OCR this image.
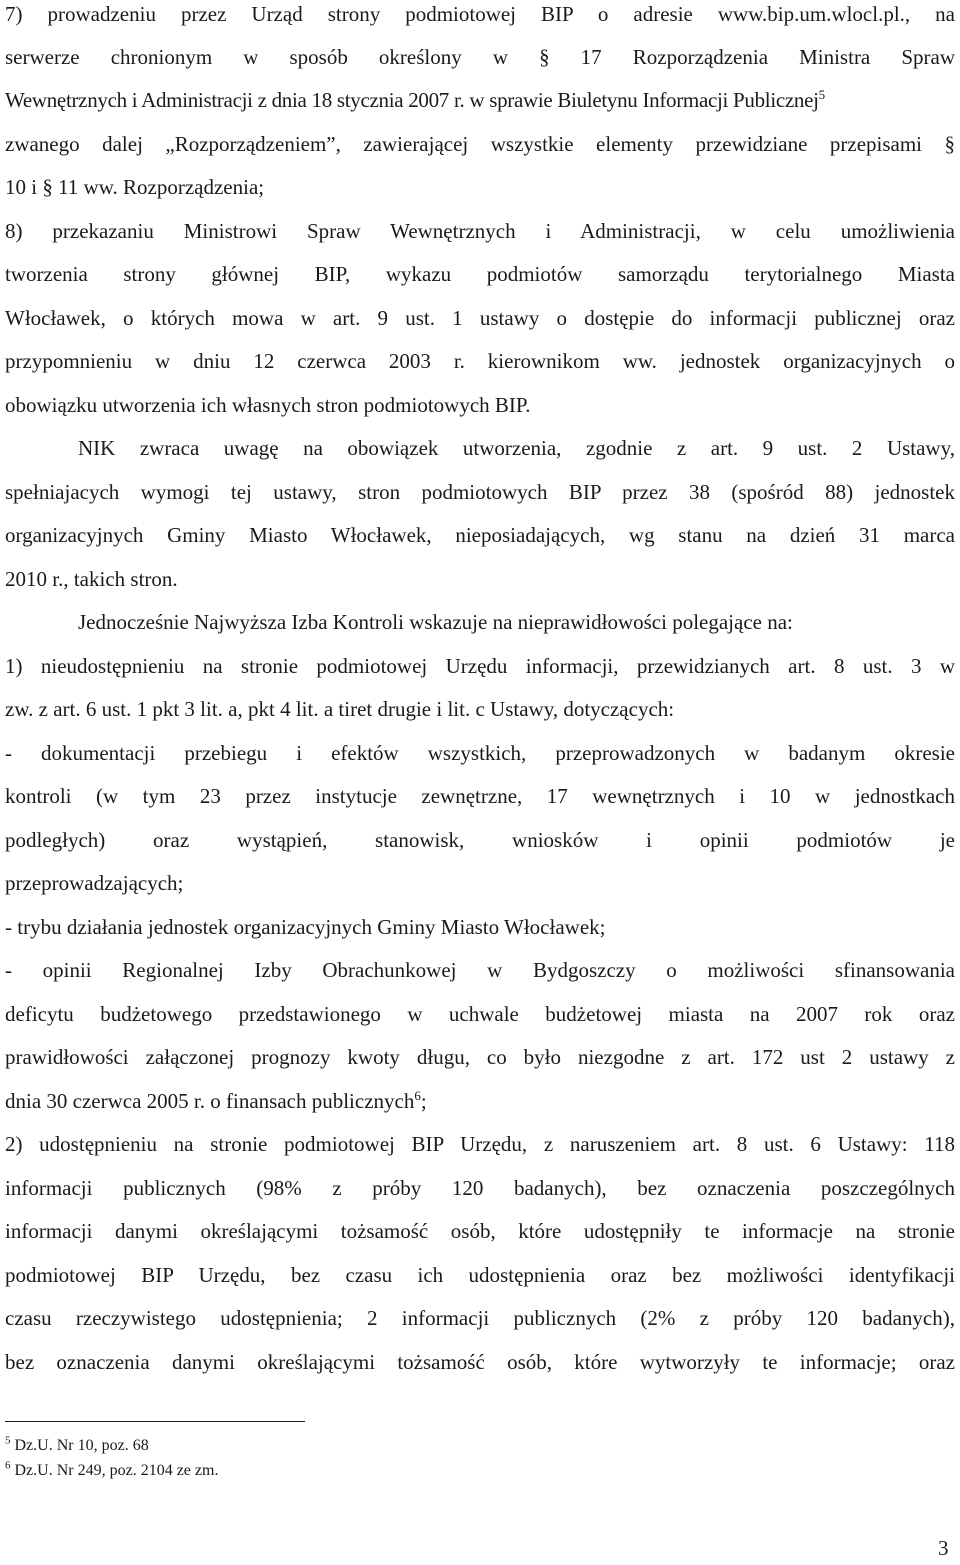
7) prowadzeniu przez Urząd strony podmiotowej BIP o adresie www.bip.um.wlocl.pl., na
serwerze chronionym w sposób określony w § 17 Rozporządzenia Ministra Spraw
Wewnętrznych i Administracji z dnia 18 stycznia 2007 r. w sprawie Biuletynu Informacji Publicznej$^5$
zwanego dalej „Rozporządzeniem”, zawierającej wszystkie elementy przewidziane przepisami §
10 i § 11 ww. Rozporządzenia;
8) przekazaniu Ministrowi Spraw Wewnętrznych i Administracji, w celu umożliwienia
tworzenia strony głównej BIP, wykazu podmiotów samorządu terytorialnego Miasta
Włocławek, o których mowa w art. 9 ust. 1 ustawy o dostępie do informacji publicznej oraz
przypomnieniu w dniu 12 czerwca 2003 r. kierownikom ww. jednostek organizacyjnych o
obowiązku utworzenia ich własnych stron podmiotowych BIP.
NIK zwraca uwagę na obowiązek utworzenia, zgodnie z art. 9 ust. 2 Ustawy,
spełniajacych wymogi tej ustawy, stron podmiotowych BIP przez 38 (spośród 88) jednostek
organizacyjnych Gminy Miasto Włocławek, nieposiadających, wg stanu na dzień 31 marca
2010 r., takich stron.
Jednocześnie Najwyższa Izba Kontroli wskazuje na nieprawidłowości polegające na:
1) nieudostępnieniu na stronie podmiotowej Urzędu informacji, przewidzianych art. 8 ust. 3 w
zw. z art. 6 ust. 1 pkt 3 lit. a, pkt 4 lit. a tiret drugie i lit. c Ustawy, dotyczących:
- dokumentacji przebiegu i efektów wszystkich, przeprowadzonych w badanym okresie
kontroli (w tym 23 przez instytucje zewnętrzne, 17 wewnętrznych i 10 w jednostkach
podległych) oraz wystąpień, stanowisk, wniosków i opinii podmiotów je
przeprowadzających;
- trybu działania jednostek organizacyjnych Gminy Miasto Włocławek;
- opinii Regionalnej Izby Obrachunkowej w Bydgoszczy o możliwości sfinansowania
deficytu budżetowego przedstawionego w uchwale budżetowej miasta na 2007 rok oraz
prawidłowości załączonej prognozy kwoty długu, co było niezgodne z art. 172 ust 2 ustawy z
dnia 30 czerwca 2005 r. o finansach publicznych$^6$;
2) udostępnieniu na stronie podmiotowej BIP Urzędu, z naruszeniem art. 8 ust. 6 Ustawy: 118
informacji publicznych (98% z próby 120 badanych), bez oznaczenia poszczególnych
informacji danymi określającymi tożsamość osób, które udostępniły te informacje na stronie
podmiotowej BIP Urzędu, bez czasu ich udostępnienia oraz bez możliwości identyfikacji
czasu rzeczywistego udostępnienia; 2 informacji publicznych (2% z próby 120 badanych),
bez oznaczenia danymi określającymi tożsamość osób, które wytworzyły te informacje; oraz
$^5$ Dz.U. Nr 10, poz. 68
$^6$ Dz.U. Nr 249, poz. 2104 ze zm.
3
